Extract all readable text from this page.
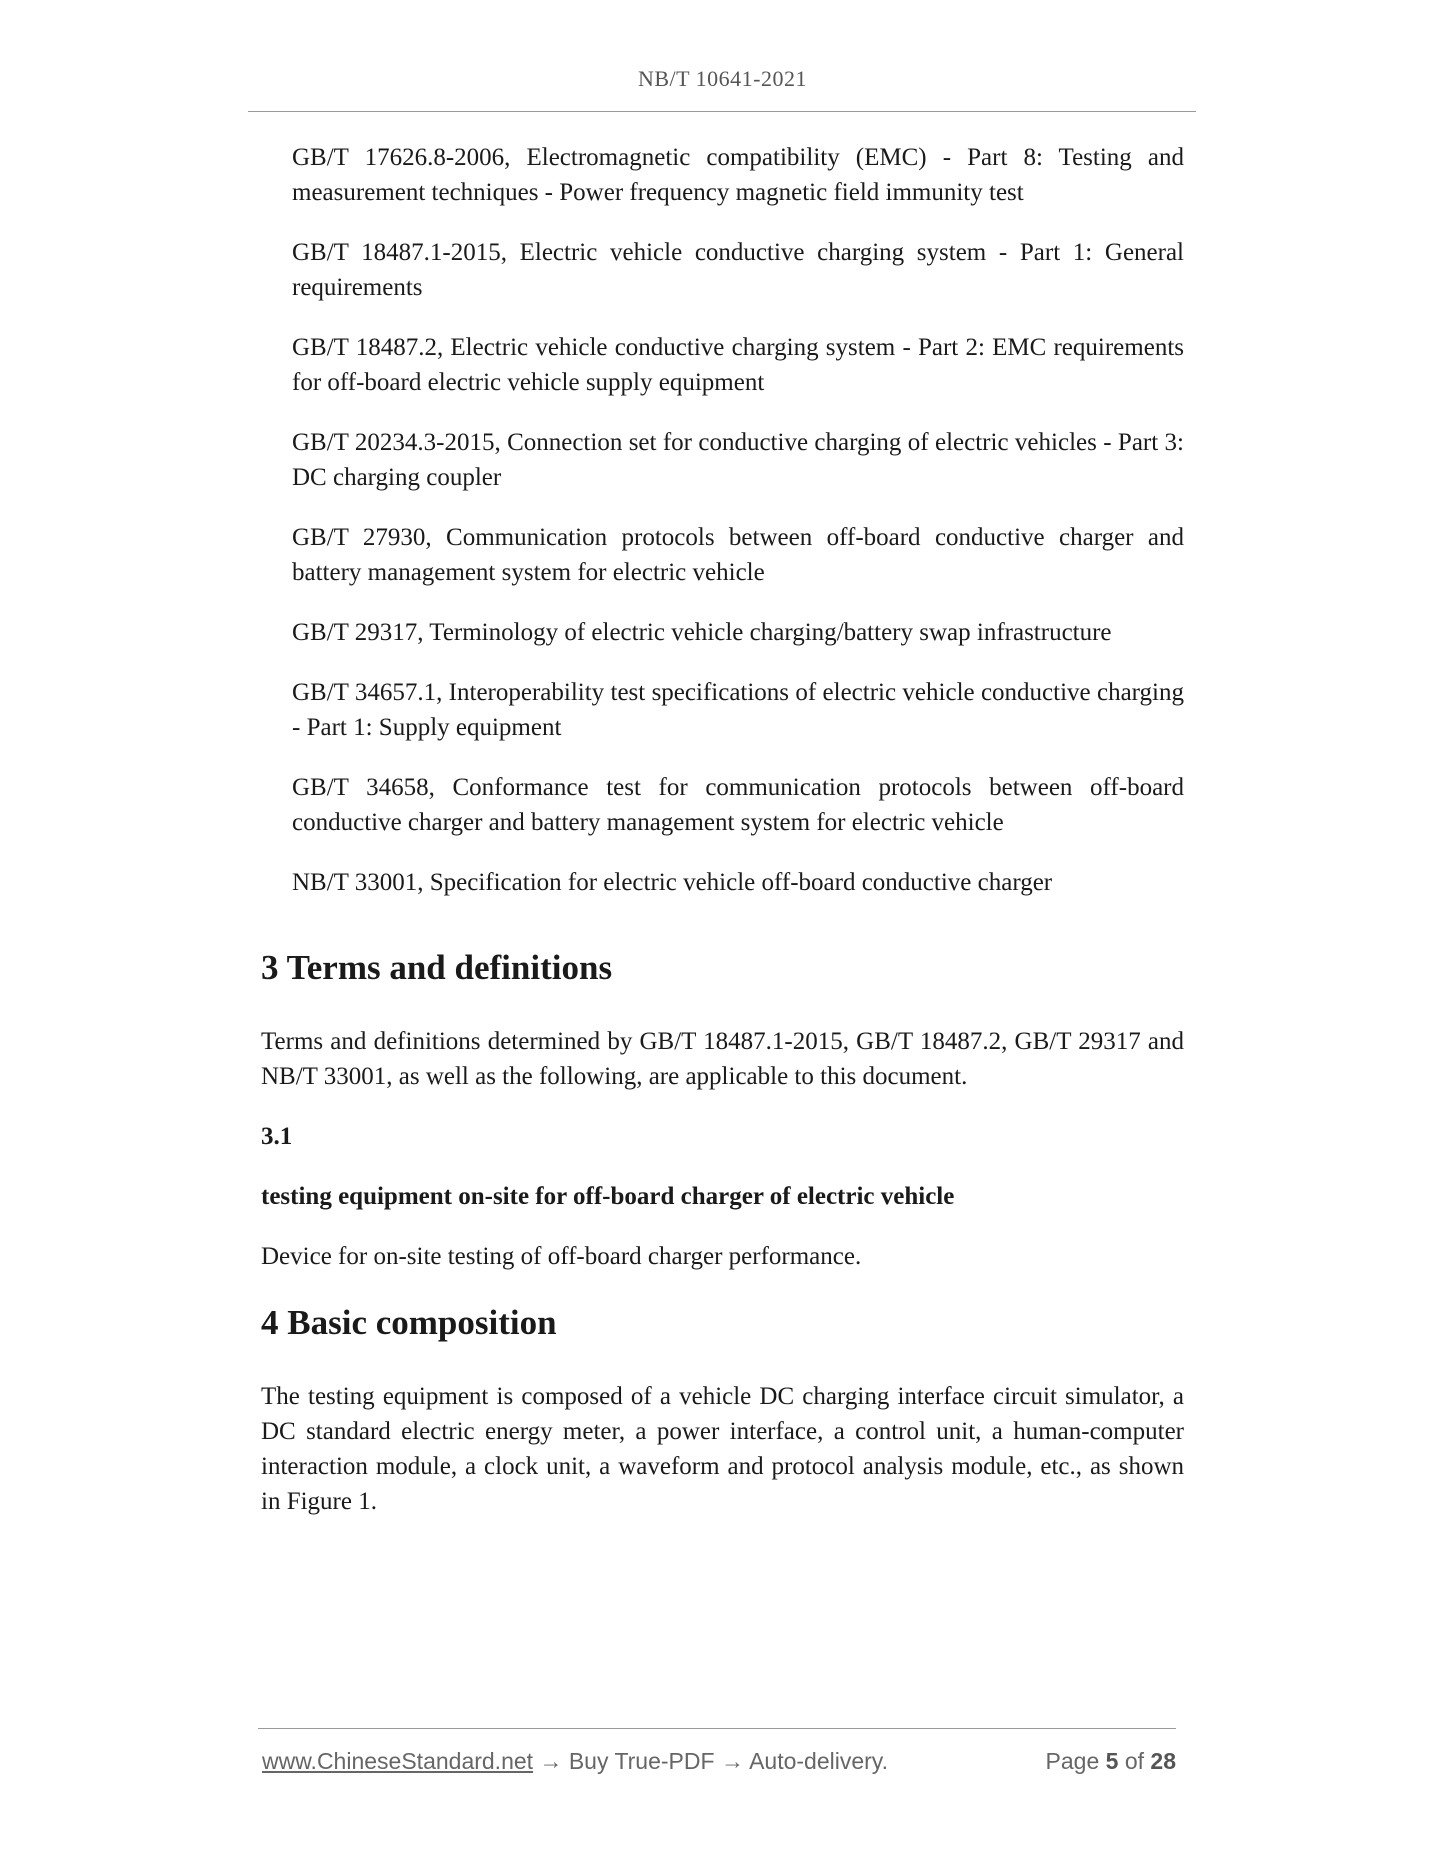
NB/T 10641-2021

GB/T 17626.8-2006, Electromagnetic compatibility (EMC) - Part 8: Testing and measurement techniques - Power frequency magnetic field immunity test

GB/T 18487.1-2015, Electric vehicle conductive charging system - Part 1: General requirements

GB/T 18487.2, Electric vehicle conductive charging system - Part 2: EMC requirements for off-board electric vehicle supply equipment

GB/T 20234.3-2015, Connection set for conductive charging of electric vehicles - Part 3: DC charging coupler

GB/T 27930, Communication protocols between off-board conductive charger and battery management system for electric vehicle

GB/T 29317, Terminology of electric vehicle charging/battery swap infrastructure

GB/T 34657.1, Interoperability test specifications of electric vehicle conductive charging - Part 1: Supply equipment

GB/T 34658, Conformance test for communication protocols between off-board conductive charger and battery management system for electric vehicle

NB/T 33001, Specification for electric vehicle off-board conductive charger

3 Terms and definitions

Terms and definitions determined by GB/T 18487.1-2015, GB/T 18487.2, GB/T 29317 and NB/T 33001, as well as the following, are applicable to this document.

3.1

testing equipment on-site for off-board charger of electric vehicle

Device for on-site testing of off-board charger performance.

4 Basic composition

The testing equipment is composed of a vehicle DC charging interface circuit simulator, a DC standard electric energy meter, a power interface, a control unit, a human-computer interaction module, a clock unit, a waveform and protocol analysis module, etc., as shown in Figure 1.

www.ChineseStandard.net → Buy True-PDF → Auto-delivery.	Page 5 of 28
